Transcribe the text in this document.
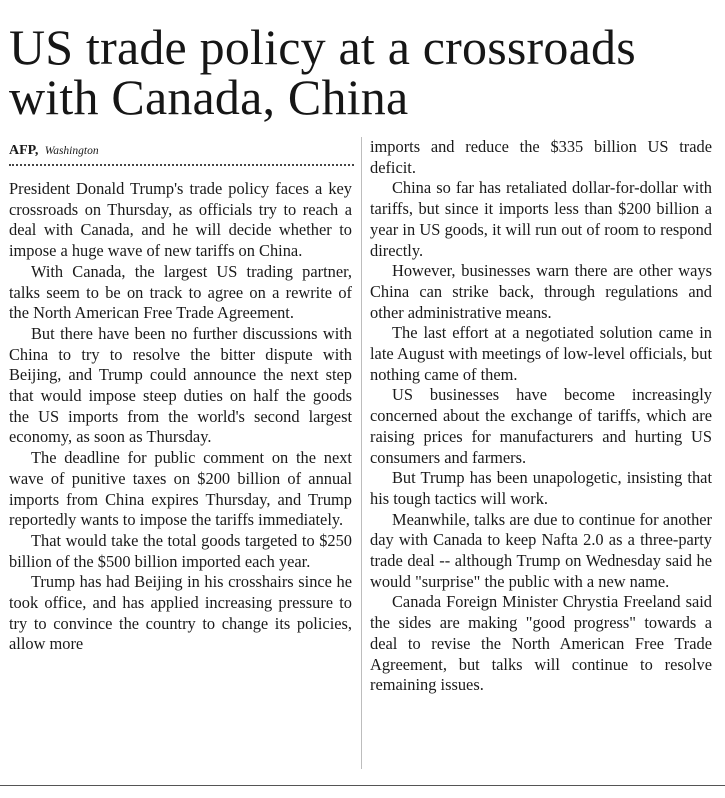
US trade policy at a crossroads with Canada, China
AFP, Washington

President Donald Trump's trade policy faces a key crossroads on Thursday, as officials try to reach a deal with Canada, and he will decide whether to impose a huge wave of new tariffs on China.

With Canada, the largest US trading partner, talks seem to be on track to agree on a rewrite of the North American Free Trade Agreement.

But there have been no further discussions with China to try to resolve the bitter dispute with Beijing, and Trump could announce the next step that would impose steep duties on half the goods the US imports from the world's second largest economy, as soon as Thursday.

The deadline for public comment on the next wave of punitive taxes on $200 billion of annual imports from China expires Thursday, and Trump reportedly wants to impose the tariffs immediately.

That would take the total goods targeted to $250 billion of the $500 billion imported each year.

Trump has had Beijing in his crosshairs since he took office, and has applied increasing pressure to try to convince the country to change its policies, allow more

imports and reduce the $335 billion US trade deficit.

China so far has retaliated dollar-for-dollar with tariffs, but since it imports less than $200 billion a year in US goods, it will run out of room to respond directly.

However, businesses warn there are other ways China can strike back, through regulations and other administrative means.

The last effort at a negotiated solution came in late August with meetings of low-level officials, but nothing came of them.

US businesses have become increasingly concerned about the exchange of tariffs, which are raising prices for manufacturers and hurting US consumers and farmers.

But Trump has been unapologetic, insisting that his tough tactics will work.

Meanwhile, talks are due to continue for another day with Canada to keep Nafta 2.0 as a three-party trade deal -- although Trump on Wednesday said he would "surprise" the public with a new name.

Canada Foreign Minister Chrystia Freeland said the sides are making "good progress" towards a deal to revise the North American Free Trade Agreement, but talks will continue to resolve remaining issues.
